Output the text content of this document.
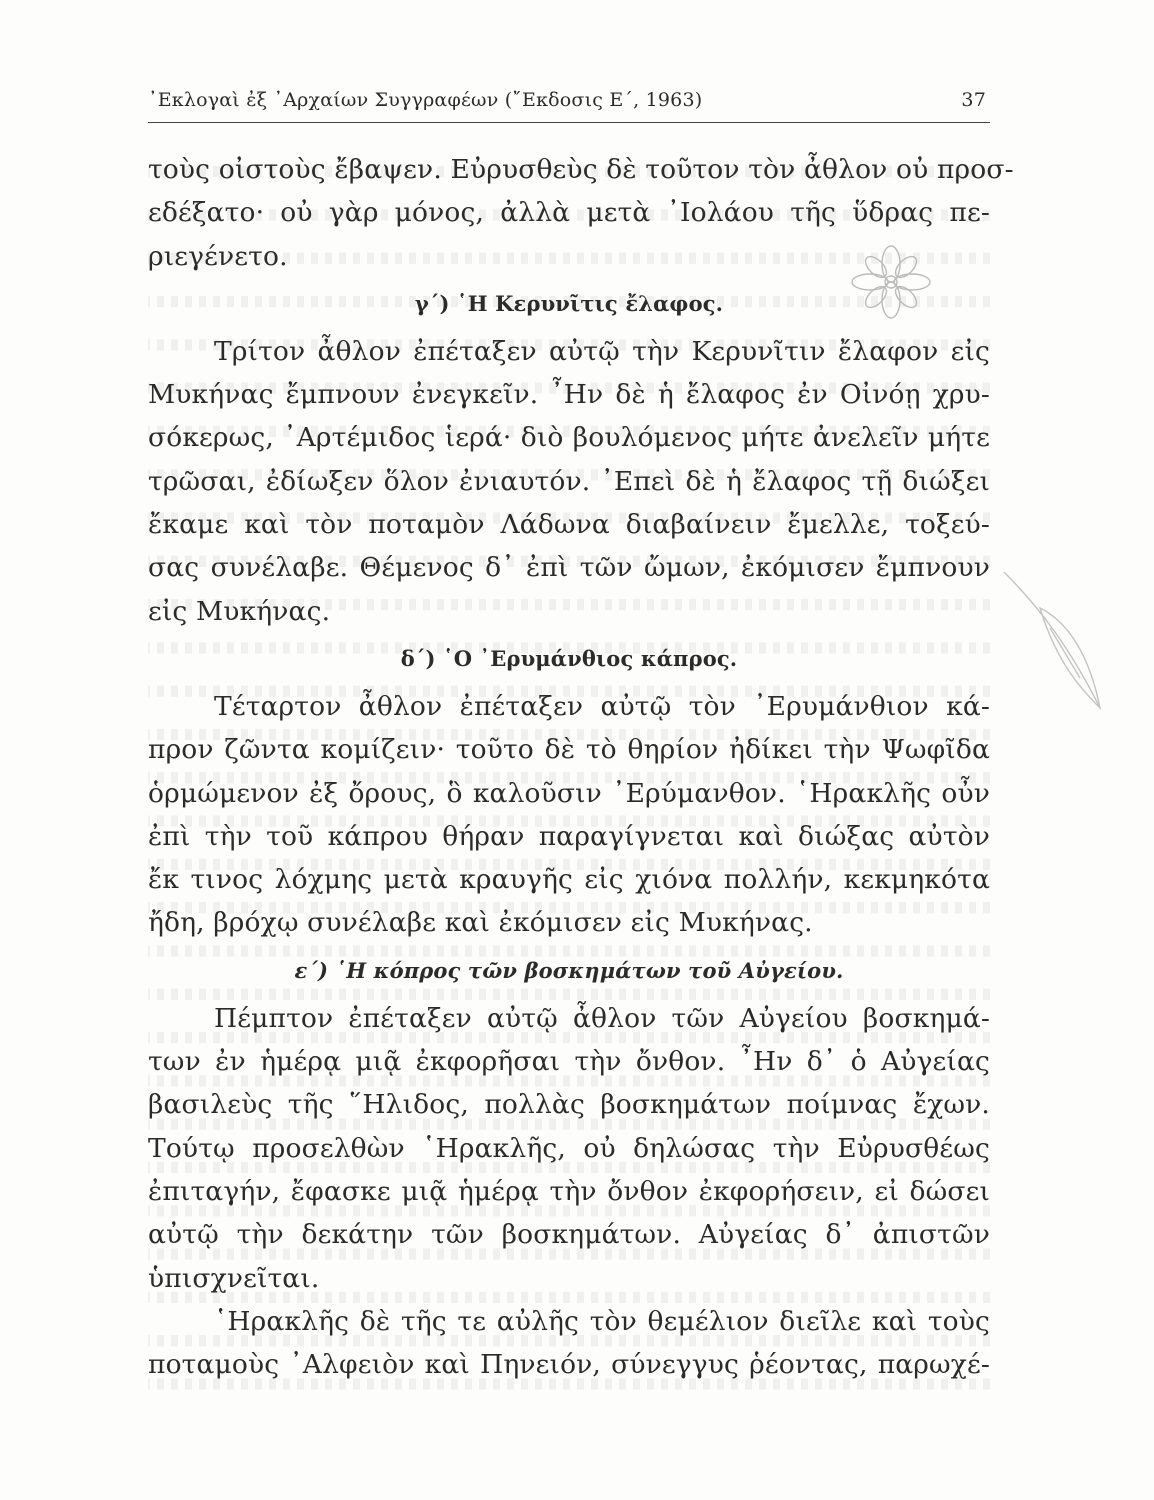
᾿Εκλογαὶ ἐξ ᾿Αρχαίων Συγγραφέων (῎Εκδοσις Ε΄, 1963)	37
τοὺς οἰστοὺς ἔβαψεν. Εὐρυσθεὺς δὲ τοῦτον τὸν ἆθλον οὐ προσ-
εδέξατο· οὐ γὰρ μόνος, ἀλλὰ μετὰ ᾿Ιολάου τῆς ὕδρας πε-
ριεγένετο.
γ΄) ῾Η Κερυνῖτις ἔλαφος.
Τρίτον ἆθλον ἐπέταξεν αὐτῷ τὴν Κερυνῖτιν ἔλαφον εἰς
Μυκήνας ἔμπνουν ἐνεγκεῖν. ῏Ην δὲ ἡ ἔλαφος ἐν Οἰνόῃ χρυ-
σόκερως, ᾿Αρτέμιδος ἱερά· διὸ βουλόμενος μήτε ἀνελεῖν μήτε
τρῶσαι, ἐδίωξεν ὅλον ἐνιαυτόν. ᾿Επεὶ δὲ ἡ ἔλαφος τῇ διώξει
ἔκαμε καὶ τὸν ποταμὸν Λάδωνα διαβαίνειν ἔμελλε, τοξεύ-
σας συνέλαβε. Θέμενος δ᾿ ἐπὶ τῶν ὤμων, ἐκόμισεν ἔμπνουν
εἰς Μυκήνας.
δ΄) ῾Ο ᾿Ερυμάνθιος κάπρος.
Τέταρτον ἆθλον ἐπέταξεν αὐτῷ τὸν ᾿Ερυμάνθιον κά-
προν ζῶντα κομίζειν· τοῦτο δὲ τὸ θηρίον ἠδίκει τὴν Ψωφῖδα
ὁρμώμενον ἐξ ὄρους, ὃ καλοῦσιν ᾿Ερύμανθον. ῾Ηρακλῆς οὖν
ἐπὶ τὴν τοῦ κάπρου θήραν παραγίγνεται καὶ διώξας αὐτὸν
ἔκ τινος λόχμης μετὰ κραυγῆς εἰς χιόνα πολλήν, κεκμηκότα
ἤδη, βρόχῳ συνέλαβε καὶ ἐκόμισεν εἰς Μυκήνας.
ε΄) ῾Η κόπρος τῶν βοσκημάτων τοῦ Αὐγείου.
Πέμπτον ἐπέταξεν αὐτῷ ἆθλον τῶν Αὐγείου βοσκημά-
των ἐν ἡμέρᾳ μιᾷ ἐκφορῆσαι τὴν ὄνθον. ῏Ην δ᾿ ὁ Αὐγείας
βασιλεὺς τῆς ῞Ηλιδος, πολλὰς βοσκημάτων ποίμνας ἔχων.
Τούτῳ προσελθὼν ῾Ηρακλῆς, οὐ δηλώσας τὴν Εὐρυσθέως
ἐπιταγήν, ἔφασκε μιᾷ ἡμέρᾳ τὴν ὄνθον ἐκφορήσειν, εἰ δώσει
αὐτῷ τὴν δεκάτην τῶν βοσκημάτων. Αὐγείας δ᾿ ἀπιστῶν
ὑπισχνεῖται.
῾Ηρακλῆς δὲ τῆς τε αὐλῆς τὸν θεμέλιον διεῖλε καὶ τοὺς
ποταμοὺς ᾿Αλφειὸν καὶ Πηνειόν, σύνεγγυς ῥέοντας, παρωχέ-
